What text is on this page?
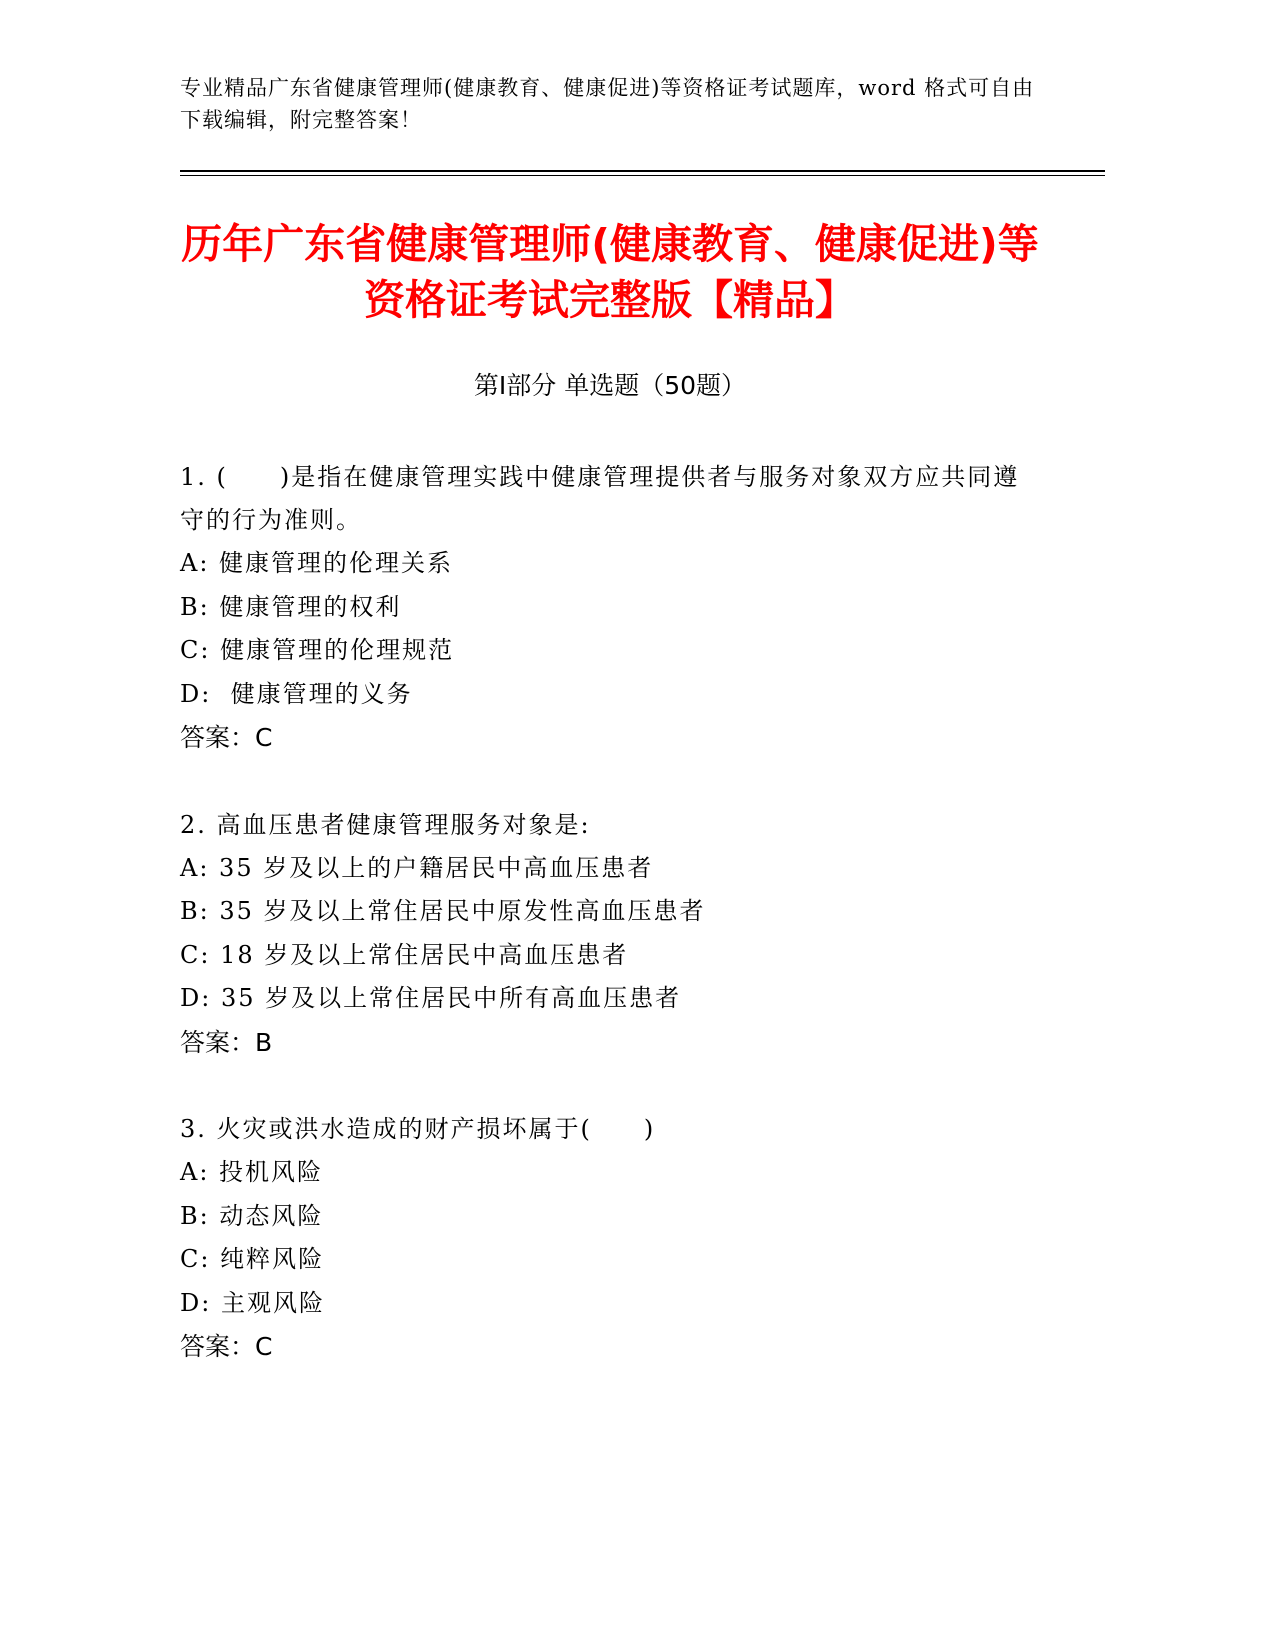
专业精品广东省健康管理师(健康教育、健康促进)等资格证考试题库，word 格式可自由下载编辑，附完整答案！
历年广东省健康管理师(健康教育、健康促进)等资格证考试完整版【精品】
第Ⅰ部分 单选题（50题）
1. (　　)是指在健康管理实践中健康管理提供者与服务对象双方应共同遵守的行为准则。
A: 健康管理的伦理关系
B: 健康管理的权利
C: 健康管理的伦理规范
D:  健康管理的义务
答案：C
2. 高血压患者健康管理服务对象是:
A: 35 岁及以上的户籍居民中高血压患者
B: 35 岁及以上常住居民中原发性高血压患者
C: 18 岁及以上常住居民中高血压患者
D: 35 岁及以上常住居民中所有高血压患者
答案：B
3. 火灾或洪水造成的财产损坏属于(　　)
A: 投机风险
B: 动态风险
C: 纯粹风险
D: 主观风险
答案：C
